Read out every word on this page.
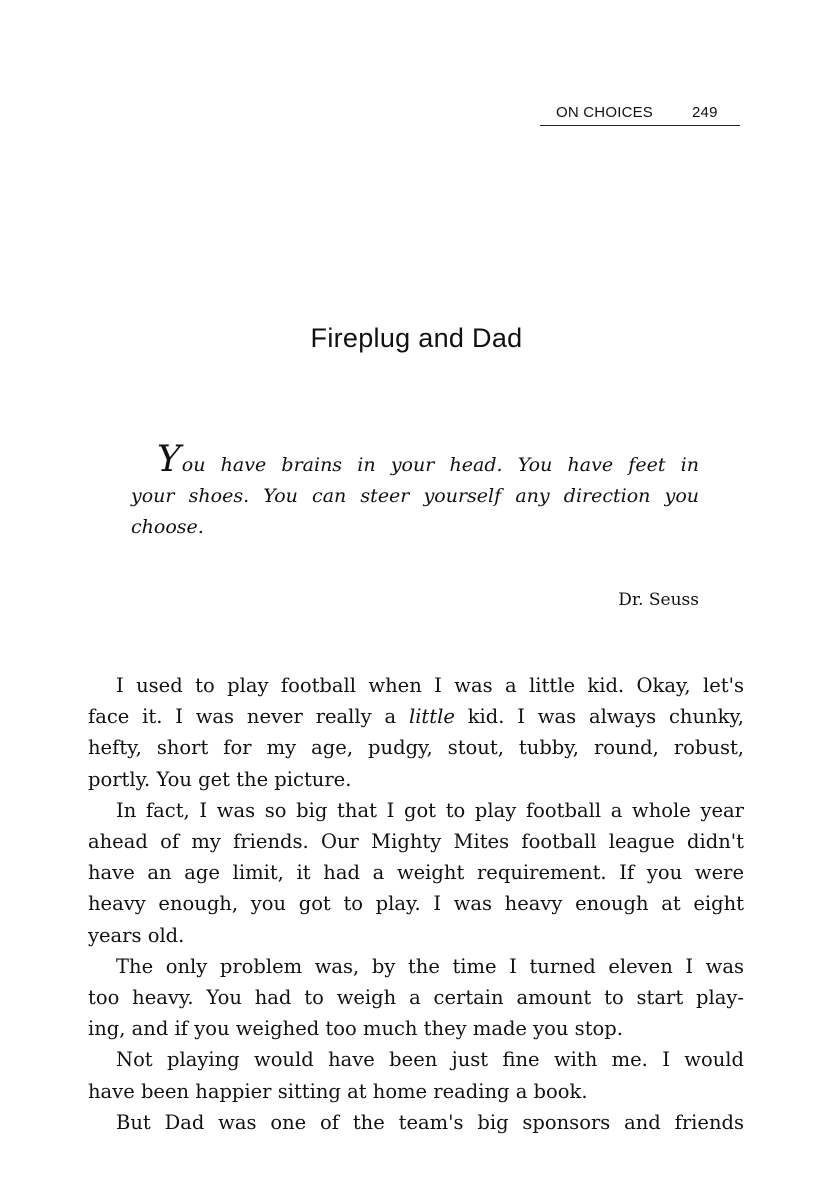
ON CHOICES	249
Fireplug and Dad
You have brains in your head. You have feet in
your shoes. You can steer yourself any direction you
choose.
Dr. Seuss
I used to play football when I was a little kid. Okay, let's
face it. I was never really a little kid. I was always chunky,
hefty, short for my age, pudgy, stout, tubby, round, robust,
portly. You get the picture.
In fact, I was so big that I got to play football a whole year
ahead of my friends. Our Mighty Mites football league didn't
have an age limit, it had a weight requirement. If you were
heavy enough, you got to play. I was heavy enough at eight
years old.
The only problem was, by the time I turned eleven I was
too heavy. You had to weigh a certain amount to start play-
ing, and if you weighed too much they made you stop.
Not playing would have been just fine with me. I would
have been happier sitting at home reading a book.
But Dad was one of the team's big sponsors and friends
